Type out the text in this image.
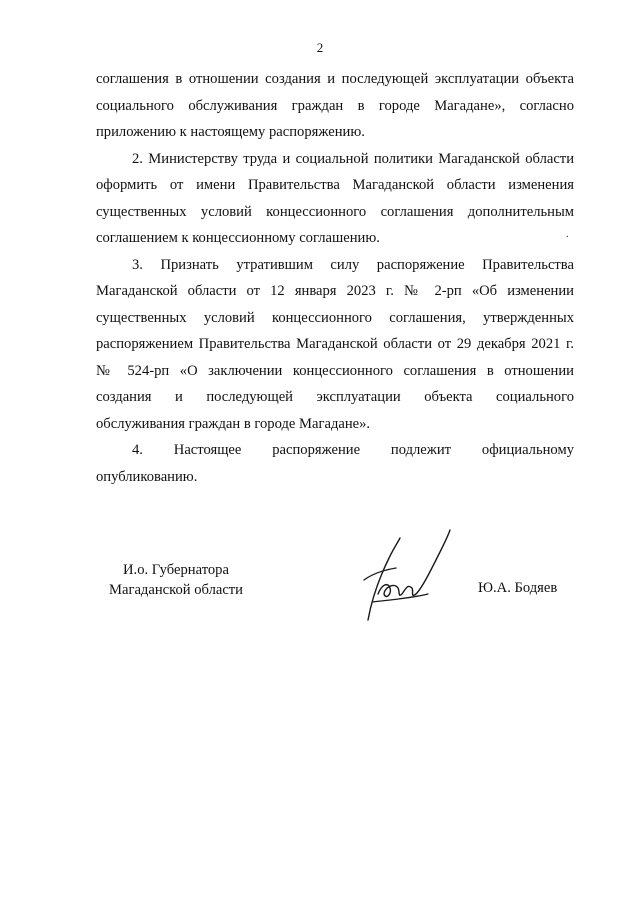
2

соглашения в отношении создания и последующей эксплуатации объекта
социального обслуживания граждан в городе Магадане», согласно
приложению к настоящему распоряжению.

2. Министерству труда и социальной политики Магаданской области
оформить от имени Правительства Магаданской области изменения
существенных условий концессионного соглашения дополнительным
соглашением к концессионному соглашению.

3. Признать утратившим силу распоряжение Правительства
Магаданской области от 12 января 2023 г. № 2-рп «Об изменении
существенных условий концессионного соглашения, утвержденных
распоряжением Правительства Магаданской области от 29 декабря 2021 г.
№ 524-рп «О заключении концессионного соглашения в отношении
создания и последующей эксплуатации объекта социального
обслуживания граждан в городе Магадане».

4. Настоящее распоряжение подлежит официальному
опубликованию.

.
И.о. Губернатора
Магаданской области	Ю.А. Бодяев
